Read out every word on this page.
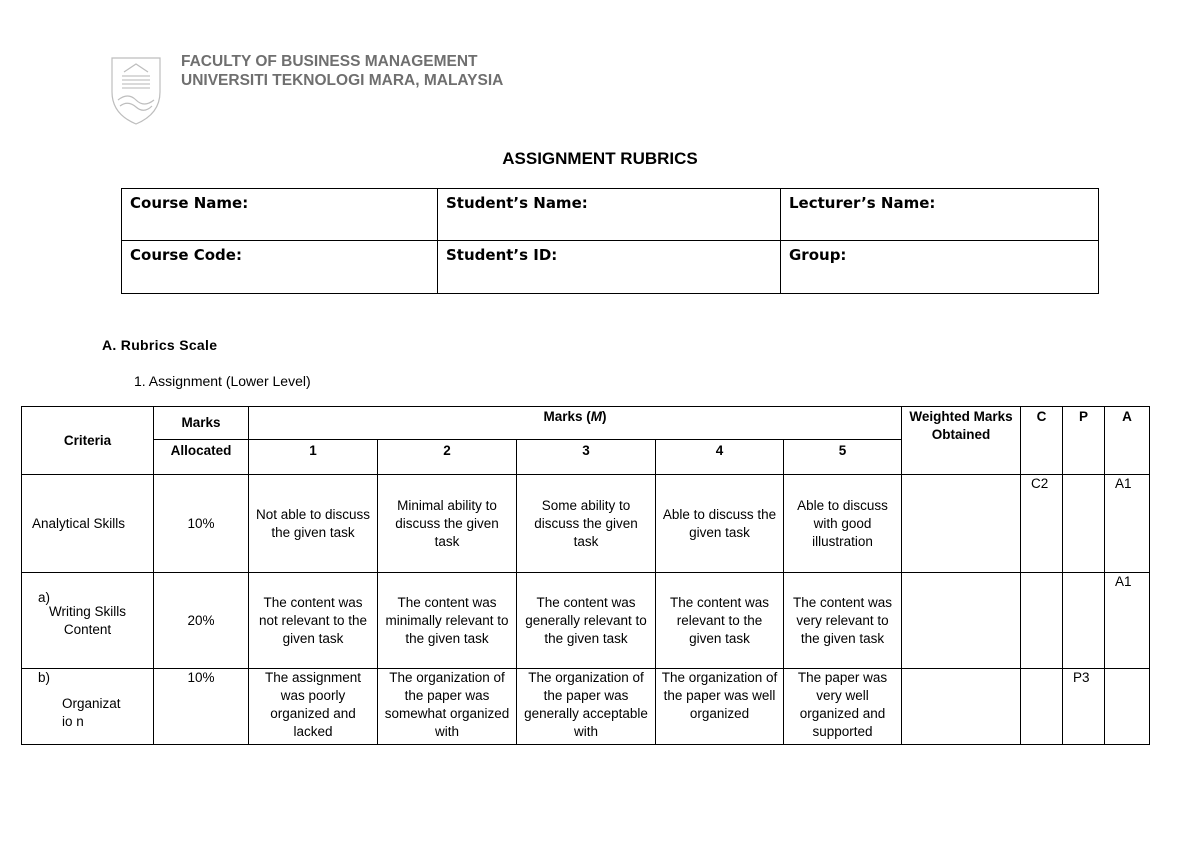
FACULTY OF BUSINESS MANAGEMENT
UNIVERSITI TEKNOLOGI MARA, MALAYSIA
ASSIGNMENT RUBRICS
Course Name:	Student’s Name:	Lecturer’s Name:
Course Code:	Student’s ID:	Group:
A. Rubrics Scale
1. Assignment (Lower Level)
Criteria	Marks	Marks (M)					Weighted Marks Obtained	C	P	A
	Allocated	1	2	3	4	5				
Analytical Skills	10%	Not able to discuss the given task	Minimal ability to discuss the given task	Some ability to discuss the given task	Able to discuss the given task	Able to discuss with good illustration		C2		A1

a)
Writing Skills Content	20%	The content was not relevant to the given task	The content was minimally relevant to the given task	The content was generally relevant to the given task	The content was relevant to the given task	The content was very relevant to the given task				A1

b)
Organizatio n	10%	The assignment was poorly organized and lacked	The organization of the paper was somewhat organized with	The organization of the paper was generally acceptable with	The organization of the paper was well organized	The paper was very well organized and supported			P3	
